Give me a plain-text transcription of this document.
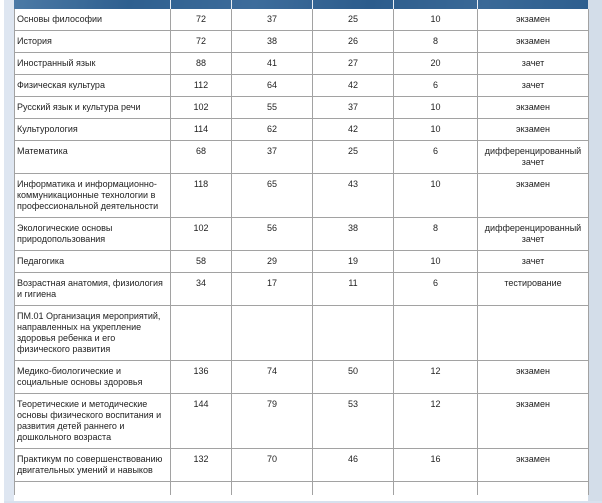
Основы философии	72	37	25	10	экзамен
История	72	38	26	8	экзамен
Иностранный язык	88	41	27	20	зачет
Физическая культура	112	64	42	6	зачет
Русский язык и культура речи	102	55	37	10	экзамен
Культурология	114	62	42	10	экзамен
Математика	68	37	25	6	дифференцированный зачет
Информатика и информационно-коммуникационные технологии в профессиональной деятельности	118	65	43	10	экзамен
Экологические основы природопользования	102	56	38	8	дифференцированный зачет
Педагогика	58	29	19	10	зачет
Возрастная анатомия, физиология и гигиена	34	17	11	6	тестирование
ПМ.01 Организация мероприятий, направленных на укрепление здоровья ребенка и его физического развития					
Медико-биологические и социальные основы здоровья	136	74	50	12	экзамен
Теоретические и методические основы физического воспитания и развития детей раннего и дошкольного возраста	144	79	53	12	экзамен
Практикум по совершенствованию двигательных умений и навыков	132	70	46	16	экзамен
